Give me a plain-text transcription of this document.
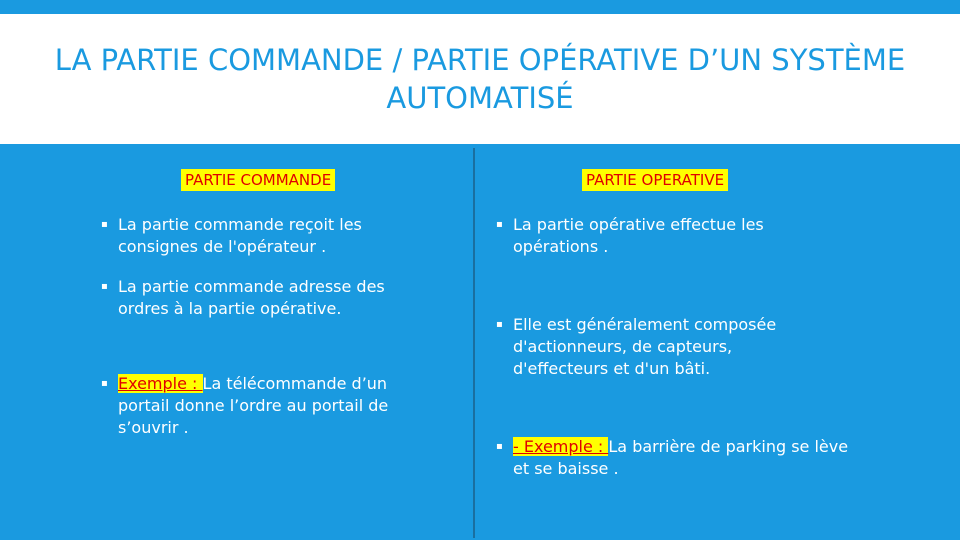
LA PARTIE COMMANDE / PARTIE OPÉRATIVE D’UN SYSTÈME AUTOMATISÉ
PARTIE COMMANDE	PARTIE OPERATIVE
▪ La partie commande reçoit les consignes de l'opérateur .
▪ La partie commande adresse des ordres à la partie opérative.
▪ Exemple : La télécommande d’un portail donne l’ordre au portail de s’ouvrir .
▪ La partie opérative effectue les opérations .
▪ Elle est généralement composée d'actionneurs, de capteurs, d'effecteurs et d'un bâti.
▪ - Exemple : La barrière de parking se lève et se baisse .
